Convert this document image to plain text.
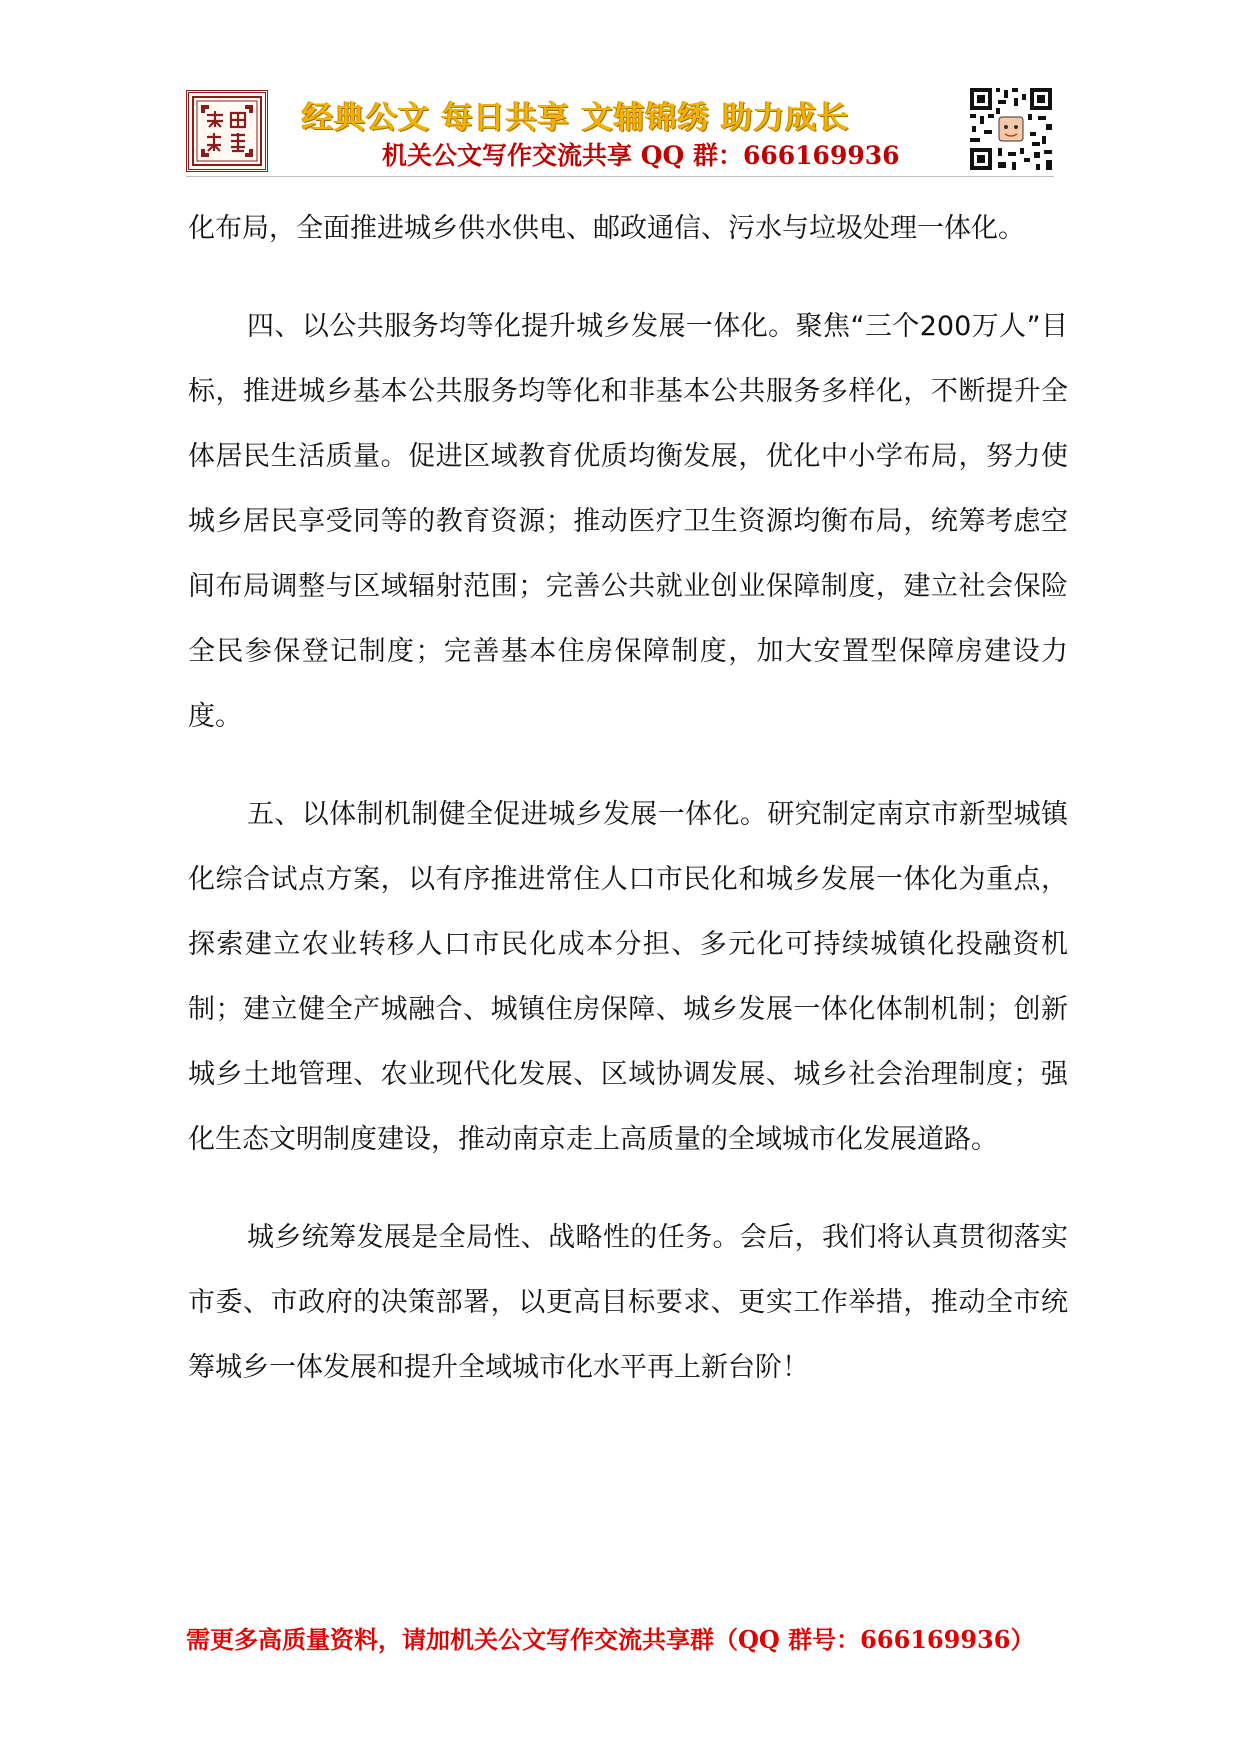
经典公文 每日共享 文辅锦绣 助力成长
机关公文写作交流共享 QQ 群：666169936

化布局，全面推进城乡供水供电、邮政通信、污水与垃圾处理一体化。

四、以公共服务均等化提升城乡发展一体化。聚焦“三个200万人”目标，推进城乡基本公共服务均等化和非基本公共服务多样化，不断提升全体居民生活质量。促进区域教育优质均衡发展，优化中小学布局，努力使城乡居民享受同等的教育资源；推动医疗卫生资源均衡布局，统筹考虑空间布局调整与区域辐射范围；完善公共就业创业保障制度，建立社会保险全民参保登记制度；完善基本住房保障制度，加大安置型保障房建设力度。

五、以体制机制健全促进城乡发展一体化。研究制定南京市新型城镇化综合试点方案，以有序推进常住人口市民化和城乡发展一体化为重点，探索建立农业转移人口市民化成本分担、多元化可持续城镇化投融资机制；建立健全产城融合、城镇住房保障、城乡发展一体化体制机制；创新城乡土地管理、农业现代化发展、区域协调发展、城乡社会治理制度；强化生态文明制度建设，推动南京走上高质量的全域城市化发展道路。

城乡统筹发展是全局性、战略性的任务。会后，我们将认真贯彻落实市委、市政府的决策部署，以更高目标要求、更实工作举措，推动全市统筹城乡一体发展和提升全域城市化水平再上新台阶！

需更多高质量资料，请加机关公文写作交流共享群（QQ 群号：666169936）
